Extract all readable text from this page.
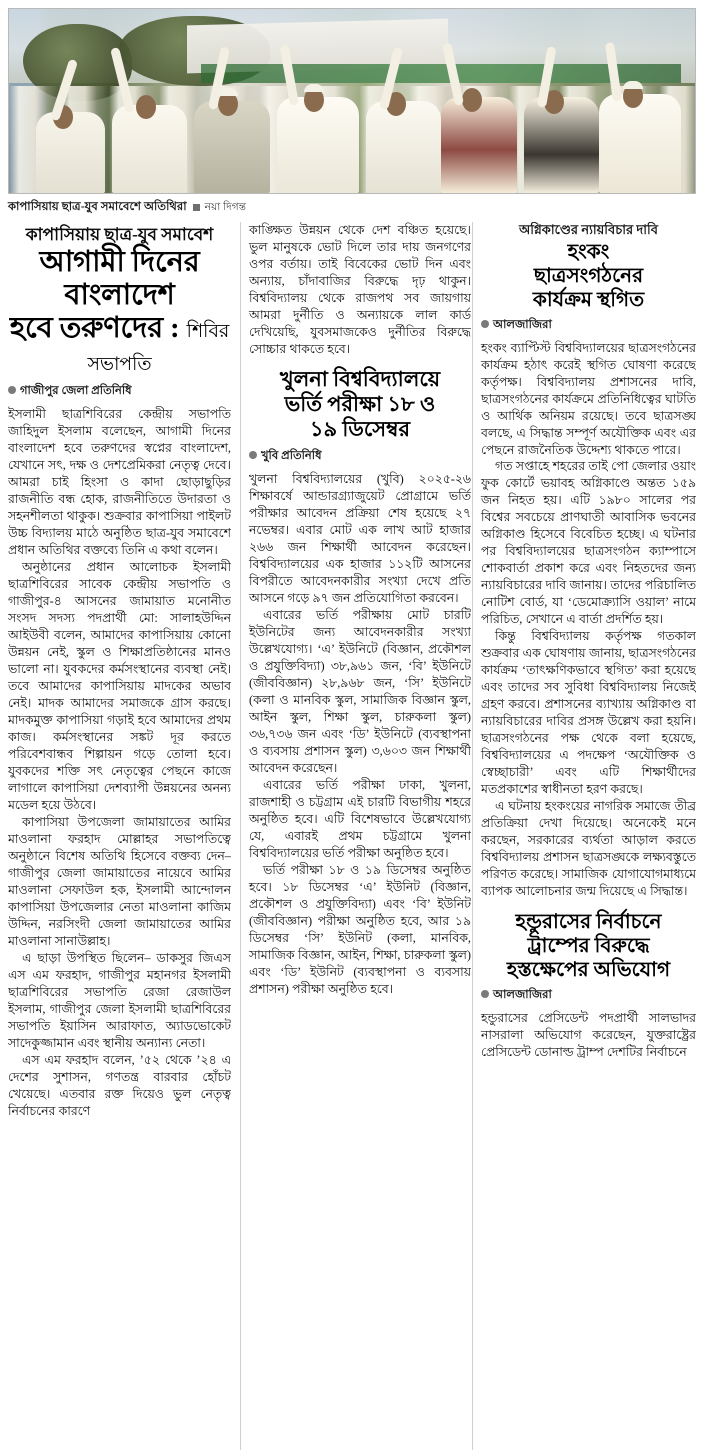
কাপাসিয়ায় ছাত্র-যুব সমাবেশে অতিথিরা নয়া দিগন্ত
কাপাসিয়ায় ছাত্র-যুব সমাবেশ
আগামী দিনের বাংলাদেশ
হবে তরুণদের : শিবির সভাপতি
গাজীপুর জেলা প্রতিনিধি

ইসলামী ছাত্রশিবিরের কেন্দ্রীয় সভাপতি জাহিদুল ইসলাম বলেছেন, আগামী দিনের বাংলাদেশ হবে তরুণদের স্বপ্নের বাংলাদেশ, যেখানে সৎ, দক্ষ ও দেশপ্রেমিকরা নেতৃত্ব দেবে। আমরা চাই হিংসা ও কাদা ছোড়াছুড়ির রাজনীতি বন্ধ হোক, রাজনীতিতে উদারতা ও সহনশীলতা থাকুক। শুক্রবার কাপাসিয়া পাইলট উচ্চ বিদ্যালয় মাঠে অনুষ্ঠিত ছাত্র-যুব সমাবেশে প্রধান অতিথির বক্তব্যে তিনি এ কথা বলেন।

অনুষ্ঠানের প্রধান আলোচক ইসলামী ছাত্রশিবিরের সাবেক কেন্দ্রীয় সভাপতি ও গাজীপুর-৪ আসনের জামায়াত মনোনীত সংসদ সদস্য পদপ্রার্থী মো: সালাহউদ্দিন আইউবী বলেন, আমাদের কাপাসিয়ায় কোনো উন্নয়ন নেই, স্কুল ও শিক্ষাপ্রতিষ্ঠানের মানও ভালো না। যুবকদের কর্মসংস্থানের ব্যবস্থা নেই। তবে আমাদের কাপাসিয়ায় মাদকের অভাব নেই। মাদক আমাদের সমাজকে গ্রাস করছে। মাদকমুক্ত কাপাসিয়া গড়াই হবে আমাদের প্রথম কাজ। কর্মসংস্থানের সঙ্কট দূর করতে পরিবেশবান্ধব শিল্পায়ন গড়ে তোলা হবে। যুবকদের শক্তি সৎ নেতৃত্বের পেছনে কাজে লাগালে কাপাসিয়া দেশব্যাপী উন্নয়নের অনন্য মডেল হয়ে উঠবে।

কাপাসিয়া উপজেলা জামায়াতের আমির মাওলানা ফরহাদ মোল্লাহর সভাপতিত্বে অনুষ্ঠানে বিশেষ অতিথি হিসেবে বক্তব্য দেন– গাজীপুর জেলা জামায়াতের নায়েবে আমির মাওলানা সেফাউল হক, ইসলামী আন্দোলন কাপাসিয়া উপজেলার নেতা মাওলানা কাজিম উদ্দিন, নরসিংদী জেলা জামায়াতের আমির মাওলানা সানাউল্লাহ।

এ ছাড়া উপস্থিত ছিলেন– ডাকসুর জিএস এস এম ফরহাদ, গাজীপুর মহানগর ইসলামী ছাত্রশিবিরের সভাপতি রেজা রেজাউল ইসলাম, গাজীপুর জেলা ইসলামী ছাত্রশিবিরের সভাপতি ইয়াসিন আরাফাত, অ্যাডভোকেট সাদেকুজ্জামান এবং স্থানীয় অন্যান্য নেতা।

এস এম ফরহাদ বলেন, ’৫২ থেকে ’২৪ এ দেশের সুশাসন, গণতন্ত্র বারবার হোঁচট খেয়েছে। এতবার রক্ত দিয়েও ভুল নেতৃত্ব নির্বাচনের কারণে

কাঙ্ক্ষিত উন্নয়ন থেকে দেশ বঞ্চিত হয়েছে। ভুল মানুষকে ভোট দিলে তার দায় জনগণের ওপর বর্তায়। তাই বিবেকের ভোট দিন এবং অন্যায়, চাঁদাবাজির বিরুদ্ধে দৃঢ় থাকুন। বিশ্ববিদ্যালয় থেকে রাজপথ সব জায়গায় আমরা দুর্নীতি ও অন্যায়কে লাল কার্ড দেখিয়েছি, যুবসমাজকেও দুর্নীতির বিরুদ্ধে সোচ্চার থাকতে হবে।

খুলনা বিশ্ববিদ্যালয়ে
ভর্তি পরীক্ষা ১৮ ও
১৯ ডিসেম্বর
খুবি প্রতিনিধি

খুলনা বিশ্ববিদ্যালয়ের (খুবি) ২০২৫-২৬ শিক্ষাবর্ষে আন্ডারগ্র্যাজুয়েট প্রোগ্রামে ভর্তি পরীক্ষার আবেদন প্রক্রিয়া শেষ হয়েছে ২৭ নভেম্বর। এবার মোট এক লাখ আট হাজার ২৬৬ জন শিক্ষার্থী আবেদন করেছেন। বিশ্ববিদ্যালয়ের এক হাজার ১১২টি আসনের বিপরীতে আবেদনকারীর সংখ্যা দেখে প্রতি আসনে গড়ে ৯৭ জন প্রতিযোগিতা করবেন।

এবারের ভর্তি পরীক্ষায় মোট চারটি ইউনিটের জন্য আবেদনকারীর সংখ্যা উল্লেখযোগ্য। ‘এ’ ইউনিটে (বিজ্ঞান, প্রকৌশল ও প্রযুক্তিবিদ্যা) ৩৮,৯৬১ জন, ‘বি’ ইউনিটে (জীববিজ্ঞান) ২৮,৯৬৮ জন, ‘সি’ ইউনিটে (কলা ও মানবিক স্কুল, সামাজিক বিজ্ঞান স্কুল, আইন স্কুল, শিক্ষা স্কুল, চারুকলা স্কুল) ৩৬,৭৩৬ জন এবং ‘ডি’ ইউনিটে (ব্যবস্থাপনা ও ব্যবসায় প্রশাসন স্কুল) ৩,৬০৩ জন শিক্ষার্থী আবেদন করেছেন।

এবারের ভর্তি পরীক্ষা ঢাকা, খুলনা, রাজশাহী ও চট্টগ্রাম এই চারটি বিভাগীয় শহরে অনুষ্ঠিত হবে। এটি বিশেষভাবে উল্লেখযোগ্য যে, এবারই প্রথম চট্টগ্রামে খুলনা বিশ্ববিদ্যালয়ের ভর্তি পরীক্ষা অনুষ্ঠিত হবে।

ভর্তি পরীক্ষা ১৮ ও ১৯ ডিসেম্বর অনুষ্ঠিত হবে। ১৮ ডিসেম্বর ‘এ’ ইউনিট (বিজ্ঞান, প্রকৌশল ও প্রযুক্তিবিদ্যা) এবং ‘বি’ ইউনিট (জীববিজ্ঞান) পরীক্ষা অনুষ্ঠিত হবে, আর ১৯ ডিসেম্বর ‘সি’ ইউনিট (কলা, মানবিক, সামাজিক বিজ্ঞান, আইন, শিক্ষা, চারুকলা স্কুল) এবং ‘ডি’ ইউনিট (ব্যবস্থাপনা ও ব্যবসায় প্রশাসন) পরীক্ষা অনুষ্ঠিত হবে।

অগ্নিকাণ্ডের ন্যায়বিচার দাবি
হংকং
ছাত্রসংগঠনের
কার্যক্রম স্থগিত
আলজাজিরা

হংকং ব্যাপ্টিস্ট বিশ্ববিদ্যালয়ের ছাত্রসংগঠনের কার্যক্রম হঠাৎ করেই স্থগিত ঘোষণা করেছে কর্তৃপক্ষ। বিশ্ববিদ্যালয় প্রশাসনের দাবি, ছাত্রসংগঠনের কার্যক্রমে প্রতিনিধিত্বের ঘাটতি ও আর্থিক অনিয়ম রয়েছে। তবে ছাত্রসঙ্ঘ বলছে, এ সিদ্ধান্ত সম্পূর্ণ অযৌক্তিক এবং এর পেছনে রাজনৈতিক উদ্দেশ্য থাকতে পারে।

গত সপ্তাহে শহরের তাই পো জেলার ওয়াং ফুক কোর্টে ভয়াবহ অগ্নিকাণ্ডে অন্তত ১৫৯ জন নিহত হয়। এটি ১৯৮০ সালের পর বিশ্বের সবচেয়ে প্রাণঘাতী আবাসিক ভবনের অগ্নিকাণ্ড হিসেবে বিবেচিত হচ্ছে। এ ঘটনার পর বিশ্ববিদ্যালয়ের ছাত্রসংগঠন ক্যাম্পাসে শোকবার্তা প্রকাশ করে এবং নিহতদের জন্য ন্যায়বিচারের দাবি জানায়। তাদের পরিচালিত নোটিশ বোর্ড, যা ‘ডেমোক্র্যাসি ওয়াল’ নামে পরিচিত, সেখানে এ বার্তা প্রদর্শিত হয়।

কিন্তু বিশ্ববিদ্যালয় কর্তৃপক্ষ গতকাল শুক্রবার এক ঘোষণায় জানায়, ছাত্রসংগঠনের কার্যক্রম ‘তাৎক্ষণিকভাবে স্থগিত’ করা হয়েছে এবং তাদের সব সুবিধা বিশ্ববিদ্যালয় নিজেই গ্রহণ করবে। প্রশাসনের ব্যাখ্যায় অগ্নিকাণ্ড বা ন্যায়বিচারের দাবির প্রসঙ্গ উল্লেখ করা হয়নি। ছাত্রসংগঠনের পক্ষ থেকে বলা হয়েছে, বিশ্ববিদ্যালয়ের এ পদক্ষেপ ‘অযৌক্তিক ও স্বেচ্ছাচারী’ এবং এটি শিক্ষার্থীদের মতপ্রকাশের স্বাধীনতা হরণ করছে।

এ ঘটনায় হংকংয়ের নাগরিক সমাজে তীব্র প্রতিক্রিয়া দেখা দিয়েছে। অনেকেই মনে করছেন, সরকারের ব্যর্থতা আড়াল করতে বিশ্ববিদ্যালয় প্রশাসন ছাত্রসঙ্ঘকে লক্ষ্যবস্তুতে পরিণত করেছে। সামাজিক যোগাযোগমাধ্যমে ব্যাপক আলোচনার জন্ম দিয়েছে এ সিদ্ধান্ত।

হন্ডুরাসের নির্বাচনে
ট্রাম্পের বিরুদ্ধে
হস্তক্ষেপের অভিযোগ
আলজাজিরা

হন্ডুরাসের প্রেসিডেন্ট পদপ্রার্থী সালভাদর নাসরালা অভিযোগ করেছেন, যুক্তরাষ্ট্রের প্রেসিডেন্ট ডোনাল্ড ট্রাম্প দেশটির নির্বাচনে
